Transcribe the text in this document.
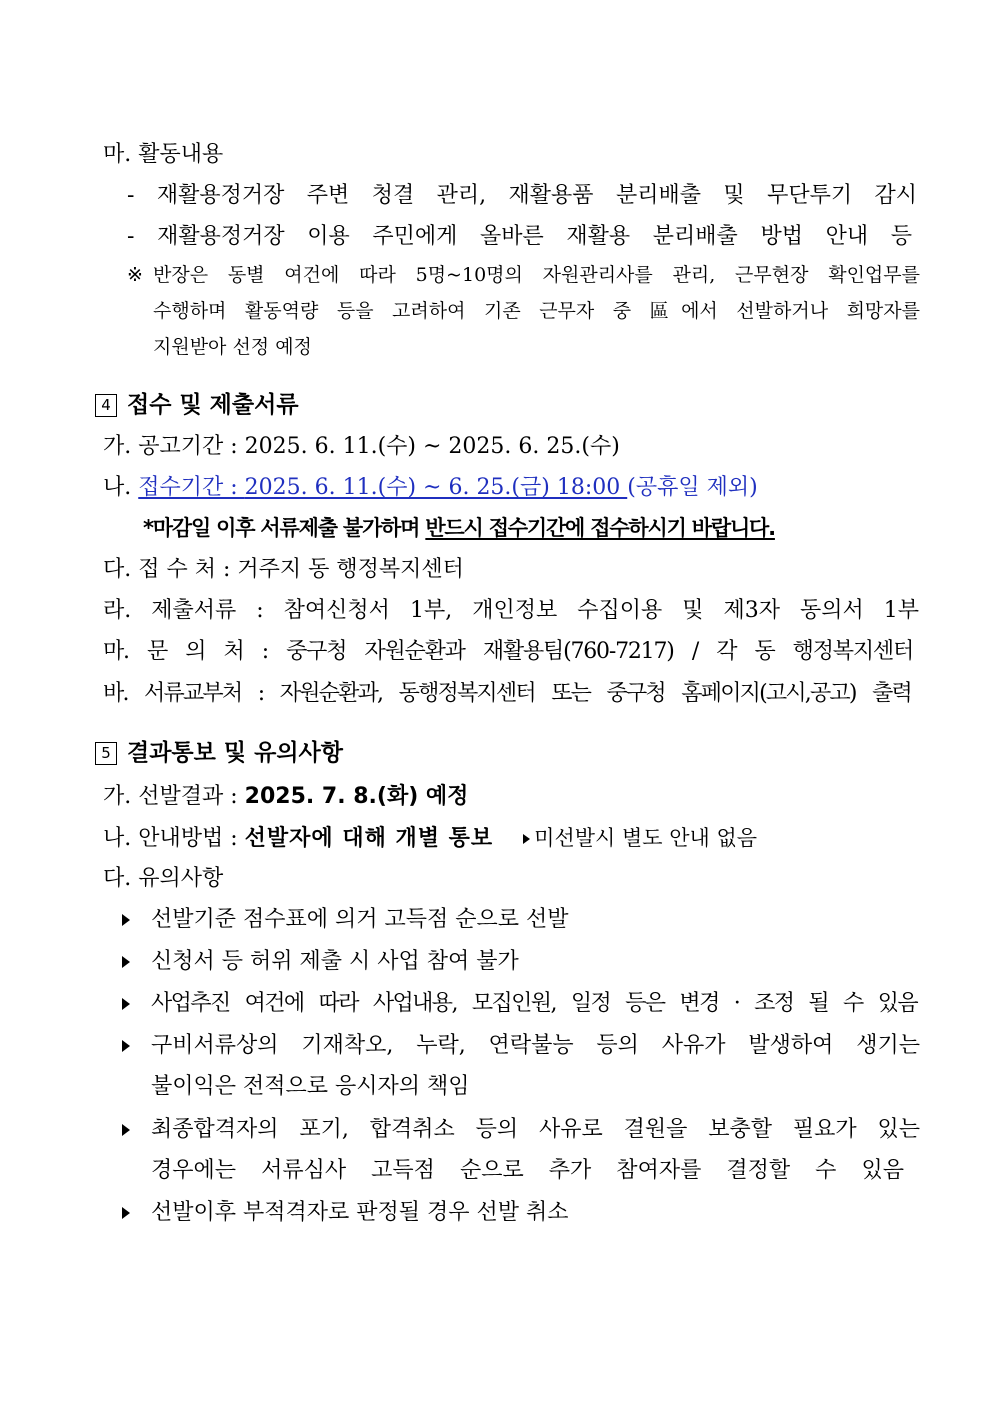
마. 활동내용
- 재활용정거장 주변 청결 관리, 재활용품 분리배출 및 무단투기 감시
- 재활용정거장 이용 주민에게 올바른 재활용 분리배출 방법 안내 등
※ 반장은 동별 여건에 따라 5명~10명의 자원관리사를 관리, 근무현장 확인업무를
수행하며 활동역량 등을 고려하여 기존 근무자 중 區에서 선발하거나 희망자를
지원받아 선정 예정
4 접수 및 제출서류
가. 공고기간 : 2025. 6. 11.(수) ~ 2025. 6. 25.(수)
나. 접수기간 : 2025. 6. 11.(수) ~ 6. 25.(금) 18:00 (공휴일 제외)
*마감일 이후 서류제출 불가하며 반드시 접수기간에 접수하시기 바랍니다.
다. 접 수 처 : 거주지 동 행정복지센터
라. 제출서류 : 참여신청서 1부, 개인정보 수집이용 및 제3자 동의서 1부
마. 문 의 처 : 중구청 자원순환과 재활용팀(760-7217) / 각 동 행정복지센터
바. 서류교부처 : 자원순환과, 동행정복지센터 또는 중구청 홈페이지(고시,공고) 출력
5 결과통보 및 유의사항
가. 선발결과 : 2025. 7. 8.(화) 예정
나. 안내방법 : 선발자에 대해 개별 통보 미선발시 별도 안내 없음
다. 유의사항
선발기준 점수표에 의거 고득점 순으로 선발
신청서 등 허위 제출 시 사업 참여 불가
사업추진 여건에 따라 사업내용, 모집인원, 일정 등은 변경 · 조정 될 수 있음
구비서류상의 기재착오, 누락, 연락불능 등의 사유가 발생하여 생기는
불이익은 전적으로 응시자의 책임
최종합격자의 포기, 합격취소 등의 사유로 결원을 보충할 필요가 있는
경우에는 서류심사 고득점 순으로 추가 참여자를 결정할 수 있음
선발이후 부적격자로 판정될 경우 선발 취소
